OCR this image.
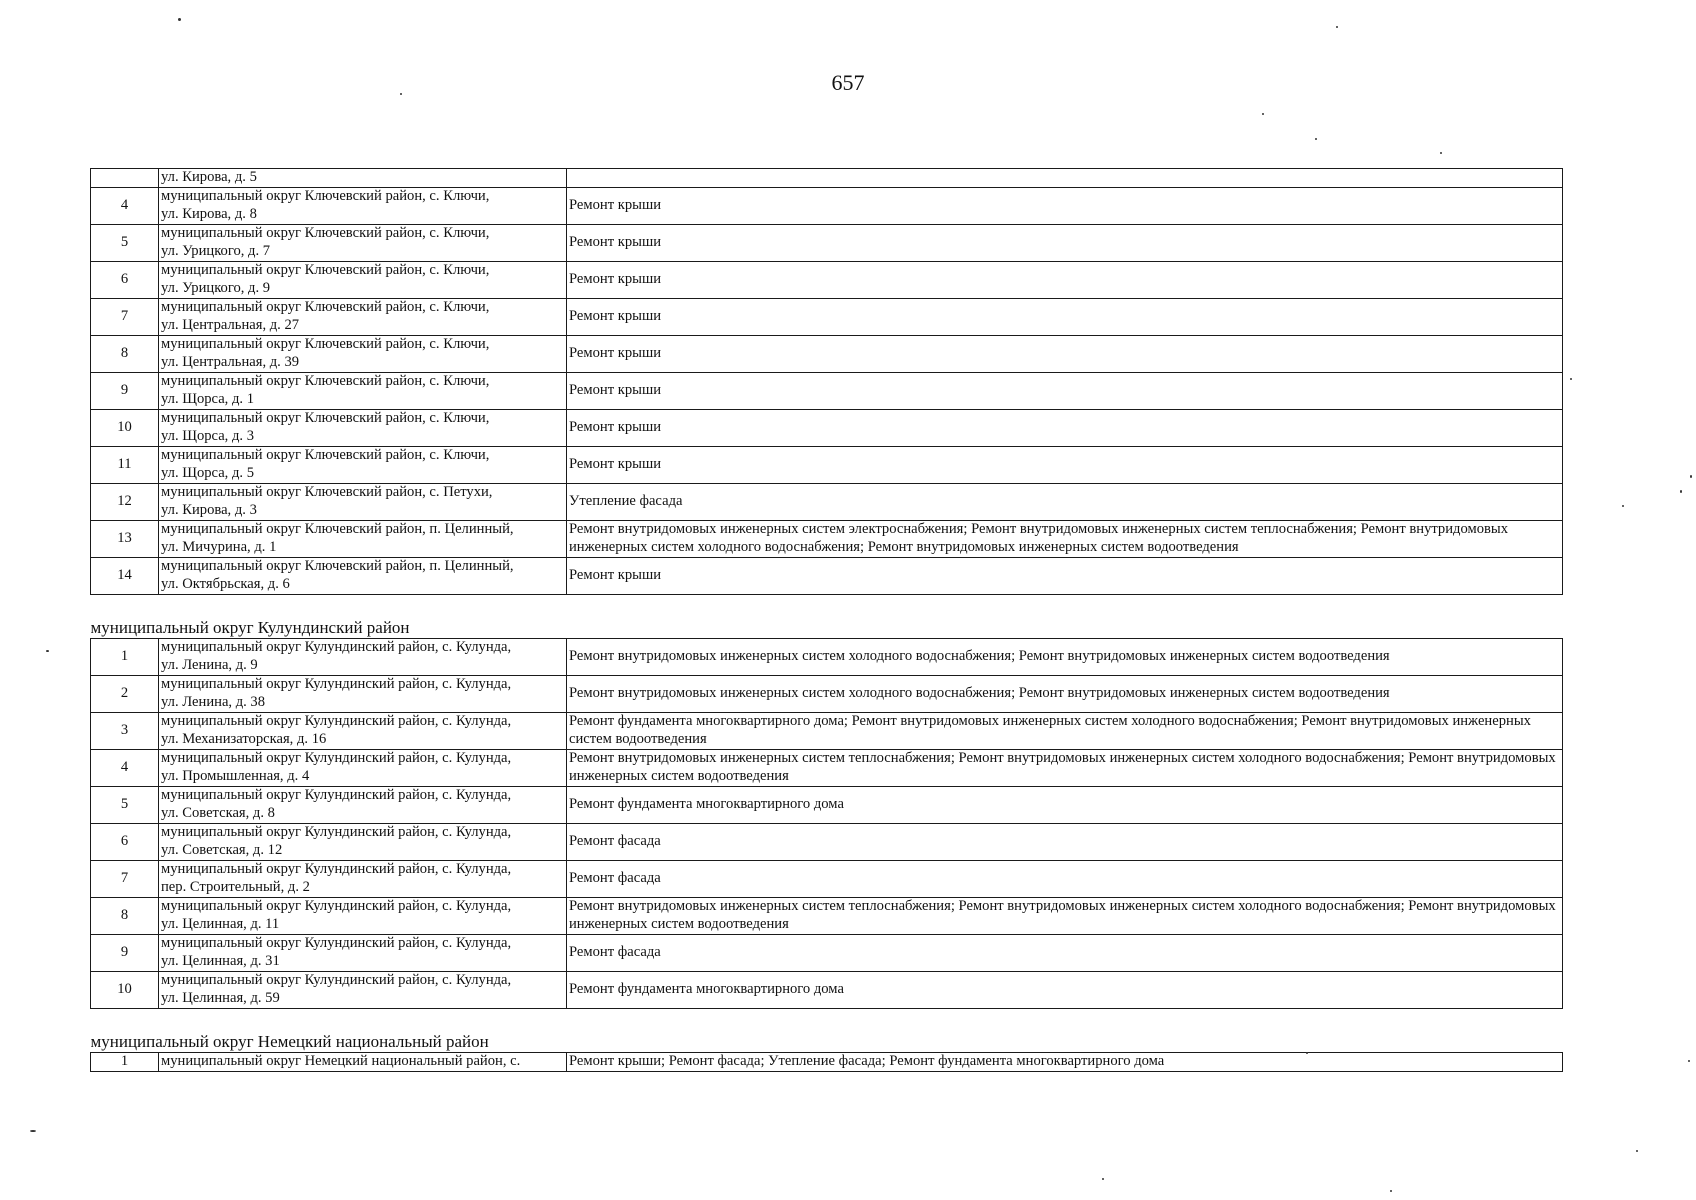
657

	ул. Кирова, д. 5	

4	муниципальный округ Ключевский район, с. Ключи,
ул. Кирова, д. 8	Ремонт крыши
5	муниципальный округ Ключевский район, с. Ключи,
ул. Урицкого, д. 7	Ремонт крыши
6	муниципальный округ Ключевский район, с. Ключи,
ул. Урицкого, д. 9	Ремонт крыши
7	муниципальный округ Ключевский район, с. Ключи,
ул. Центральная, д. 27	Ремонт крыши
8	муниципальный округ Ключевский район, с. Ключи,
ул. Центральная, д. 39	Ремонт крыши
9	муниципальный округ Ключевский район, с. Ключи,
ул. Щорса, д. 1	Ремонт крыши
10	муниципальный округ Ключевский район, с. Ключи,
ул. Щорса, д. 3	Ремонт крыши
11	муниципальный округ Ключевский район, с. Ключи,
ул. Щорса, д. 5	Ремонт крыши
12	муниципальный округ Ключевский район, с. Петухи,
ул. Кирова, д. 3	Утепление фасада
13	муниципальный округ Ключевский район, п. Целинный,
ул. Мичурина, д. 1	Ремонт внутридомовых инженерных систем электроснабжения; Ремонт внутридомовых инженерных систем теплоснабжения; Ремонт внутридомовых инженерных систем холодного водоснабжения; Ремонт внутридомовых инженерных систем водоотведения
14	муниципальный округ Ключевский район, п. Целинный,
ул. Октябрьская, д. 6	Ремонт крыши
муниципальный округ Кулундинский район		
1	муниципальный округ Кулундинский район, с. Кулунда,
ул. Ленина, д. 9	Ремонт внутридомовых инженерных систем холодного водоснабжения; Ремонт внутридомовых инженерных систем водоотведения
2	муниципальный округ Кулундинский район, с. Кулунда,
ул. Ленина, д. 38	Ремонт внутридомовых инженерных систем холодного водоснабжения; Ремонт внутридомовых инженерных систем водоотведения
3	муниципальный округ Кулундинский район, с. Кулунда,
ул. Механизаторская, д. 16	Ремонт фундамента многоквартирного дома; Ремонт внутридомовых инженерных систем холодного водоснабжения; Ремонт внутридомовых инженерных систем водоотведения
4	муниципальный округ Кулундинский район, с. Кулунда,
ул. Промышленная, д. 4	Ремонт внутридомовых инженерных систем теплоснабжения; Ремонт внутридомовых инженерных систем холодного водоснабжения; Ремонт внутридомовых инженерных систем водоотведения
5	муниципальный округ Кулундинский район, с. Кулунда,
ул. Советская, д. 8	Ремонт фундамента многоквартирного дома
6	муниципальный округ Кулундинский район, с. Кулунда,
ул. Советская, д. 12	Ремонт фасада
7	муниципальный округ Кулундинский район, с. Кулунда,
пер. Строительный, д. 2	Ремонт фасада
8	муниципальный округ Кулундинский район, с. Кулунда,
ул. Целинная, д. 11	Ремонт внутридомовых инженерных систем теплоснабжения; Ремонт внутридомовых инженерных систем холодного водоснабжения; Ремонт внутридомовых инженерных систем водоотведения
9	муниципальный округ Кулундинский район, с. Кулунда,
ул. Целинная, д. 31	Ремонт фасада
10	муниципальный округ Кулундинский район, с. Кулунда,
ул. Целинная, д. 59	Ремонт фундамента многоквартирного дома
муниципальный округ Немецкий национальный район		
1	муниципальный округ Немецкий национальный район, с.	Ремонт крыши; Ремонт фасада; Утепление фасада; Ремонт фундамента многоквартирного дома
